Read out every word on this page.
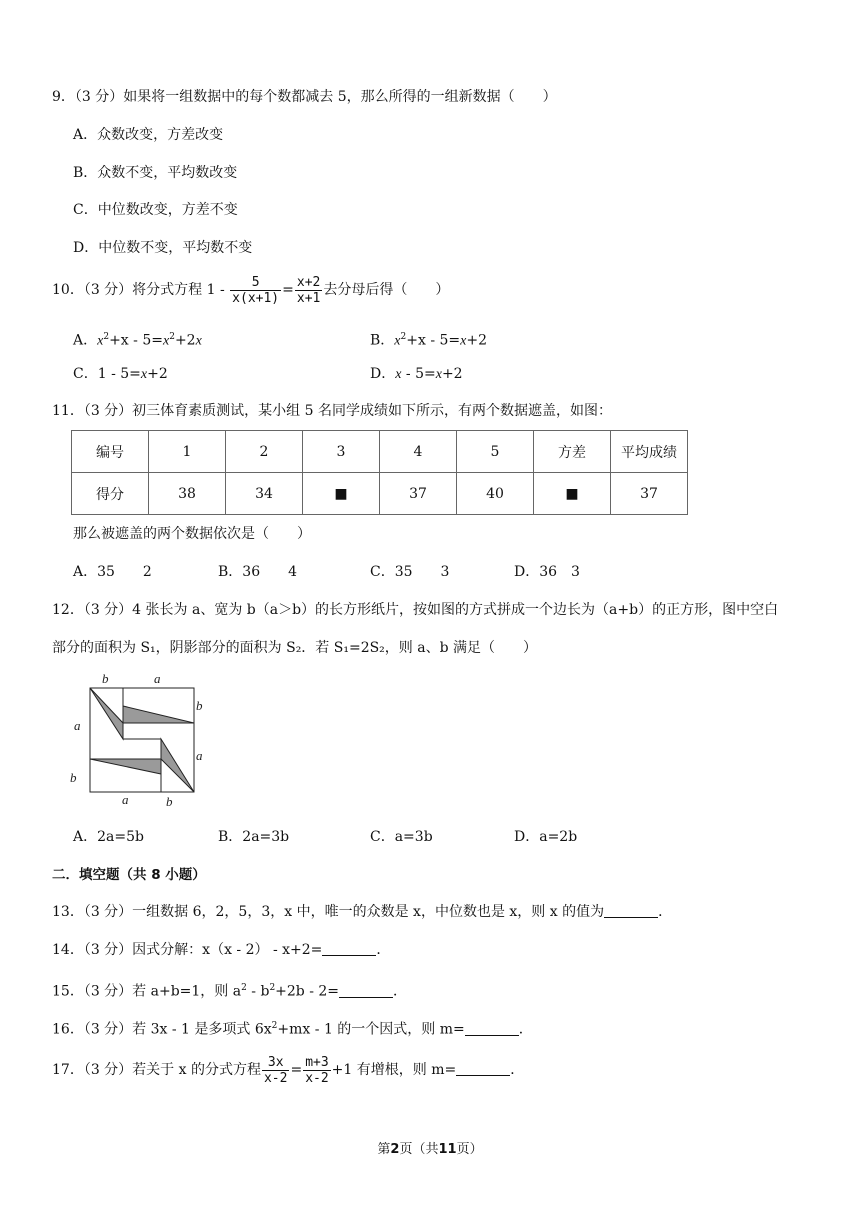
9．（3 分）如果将一组数据中的每个数都减去 5，那么所得的一组新数据（　　）
A．众数改变，方差改变
B．众数不变，平均数改变
C．中位数改变，方差不变
D．中位数不变，平均数不变
10．（3 分）将分式方程 $1 - \frac{5}{x(x+1)} = \frac{x+2}{x+1}$ 去分母后得（　　）
A．$x^2+x - 5=x^2+2x$	B．$x^2+x - 5=x+2$
C．1 - 5=x+2	D．x - 5=x+2
11．（3 分）初三体育素质测试，某小组 5 名同学成绩如下所示，有两个数据遮盖，如图：
编号	1	2	3	4	5	方差	平均成绩
得分	38	34	■	37	40	■	37
那么被遮盖的两个数据依次是（　　）
A．35　　2	B．36　　4	C．35　　3	D．36　3
12．（3 分）4 张长为 a、宽为 b（a＞b）的长方形纸片，按如图的方式拼成一个边长为（a+b）的正方形，图中空白
部分的面积为 S₁，阴影部分的面积为 S₂．若 S₁=2S₂，则 a、b 满足（　　）
b	a
b
a
a
b
a	b
A．2a=5b	B．2a=3b	C．a=3b	D．a=2b
二．填空题（共 8 小题）
13．（3 分）一组数据 6，2，5，3，x 中，唯一的众数是 x，中位数也是 x，则 x 的值为	．
14．（3 分）因式分解：x（x - 2） - x+2=	．
15．（3 分）若 a+b=1，则 $a^2 - b^2+2b - 2=$	．
16．（3 分）若 3x - 1 是多项式 $6x^2+mx - 1$ 的一个因式，则 m=	．
17．（3 分）若关于 x 的分式方程 $\frac{3x}{x-2} = \frac{m+3}{x-2} +1$ 有增根，则 m=	．
第2页（共11页）
